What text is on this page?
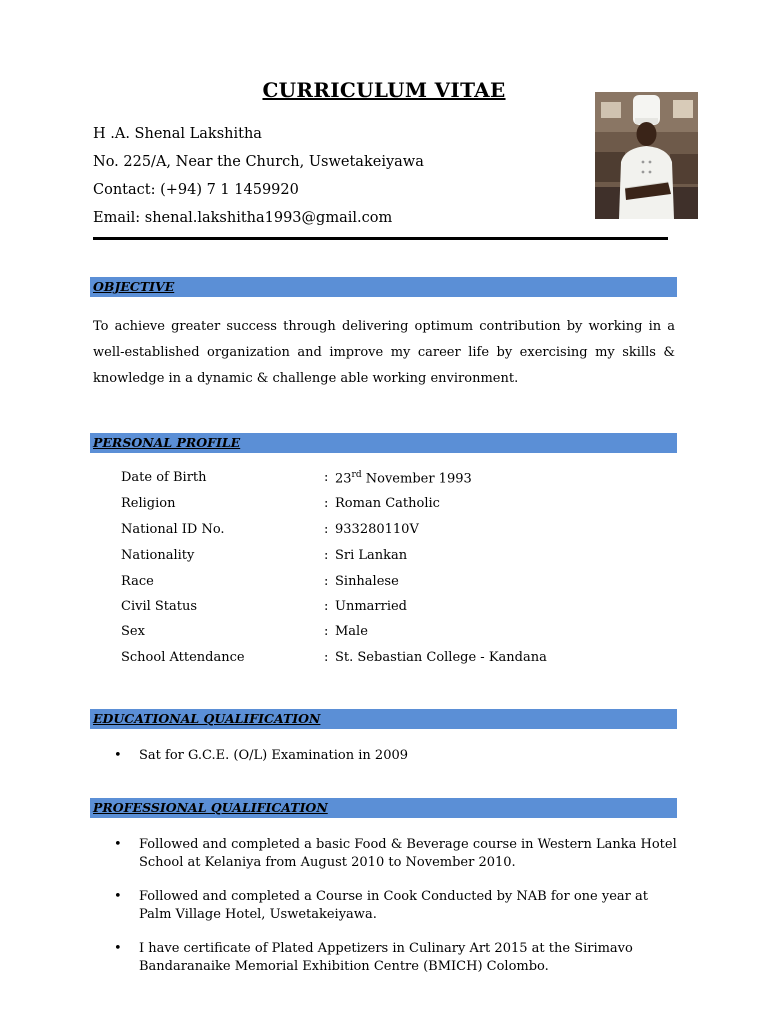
CURRICULUM VITAE
H .A. Shenal Lakshitha
No. 225/A, Near the Church, Uswetakeiyawa
Contact: (+94) 7 1 1459920
Email: shenal.lakshitha1993@gmail.com
OBJECTIVE
To achieve greater success through delivering optimum contribution by working in a well-established organization and improve my career life by exercising my skills & knowledge in a dynamic & challenge able working environment.
PERSONAL PROFILE
Date of Birth	: 23rd November 1993
Religion	: Roman Catholic
National ID No.	: 933280110V
Nationality	: Sri Lankan
Race	: Sinhalese
Civil Status	: Unmarried
Sex	: Male
School Attendance	: St. Sebastian College - Kandana
EDUCATIONAL QUALIFICATION
• Sat for G.C.E. (O/L) Examination in 2009
PROFESSIONAL QUALIFICATION
• Followed and completed a basic Food & Beverage course in Western Lanka Hotel School at Kelaniya from August 2010 to November 2010.
• Followed and completed a Course in Cook Conducted by NAB for one year at Palm Village Hotel, Uswetakeiyawa.
• I have certificate of Plated Appetizers in Culinary Art 2015 at the Sirimavo Bandaranaike Memorial Exhibition Centre (BMICH) Colombo.
